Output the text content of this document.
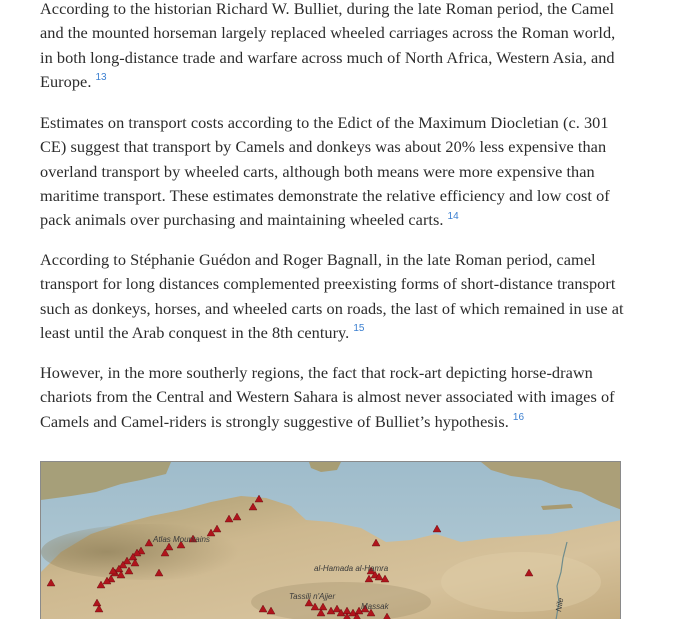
According to the historian Richard W. Bulliet, during the late Roman period, the Camel and the mounted horseman largely replaced wheeled carriages across the Roman world, in both long-distance trade and warfare across much of North Africa, Western Asia, and Europe. $^{13}$

Estimates on transport costs according to the Edict of the Maximum Diocletian (c. 301 CE) suggest that transport by Camels and donkeys was about 20% less expensive than overland transport by wheeled carts, although both means were more expensive than maritime transport. These estimates demonstrate the relative efficiency and low cost of pack animals over purchasing and maintaining wheeled carts. $^{14}$

According to Stéphanie Guédon and Roger Bagnall, in the late Roman period, camel transport for long distances complemented preexisting forms of short-distance transport such as donkeys, horses, and wheeled carts on roads, the last of which remained in use at least until the Arab conquest in the 8th century. $^{15}$

However, in the more southerly regions, the fact that rock-art depicting horse-drawn chariots from the Central and Western Sahara is almost never associated with images of Camels and Camel-riders is strongly suggestive of Bulliet’s hypothesis. $^{16}$

Atlas Mountains
al-Hamada al-Hamra
Tassili n'Ajjer
Massak	Nile
